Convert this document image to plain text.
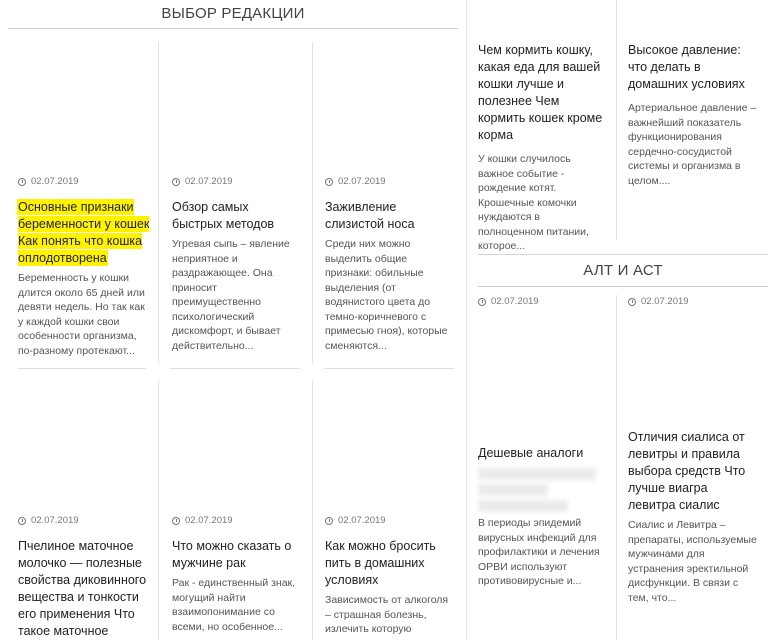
ВЫБОР РЕДАКЦИИ
02.07.2019
Основные признаки беременности у кошек Как понять что кошка оплодотворена
Беременность у кошки длится около 65 дней или девяти недель. Но так как у каждой кошки свои особенности организма, по-разному протекают...
02.07.2019
Обзор самых быстрых методов
Угревая сыпь – явление неприятное и раздражающее. Она приносит преимущественно психологический дискомфорт, и бывает действительно...
02.07.2019
Заживление слизистой носа
Среди них можно выделить общие признаки: обильные выделения (от водянистого цвета до темно-коричневого с примесью гноя), которые сменяются...
02.07.2019
Пчелиное маточное молочко — полезные свойства диковинного вещества и тонкости его применения Что такое маточное
02.07.2019
Что можно сказать о мужчине рак
Рак - единственный знак, могущий найти взаимопонимание со всеми, но особенное...
02.07.2019
Как можно бросить пить в домашних условиях
Зависимость от алкоголя – страшная болезнь, излечить которую
Чем кормить кошку, какая еда для вашей кошки лучше и полезнее Чем кормить кошек кроме корма
У кошки случилось важное событие - рождение котят. Крошечные комочки нуждаются в полноценном питании, которое...
Высокое давление: что делать в домашних условиях
Артериальное давление – важнейший показатель функционирования сердечно-сосудистой системы и организма в целом....
АЛТ И АСТ
02.07.2019
Дешевые аналоги
В периоды эпидемий вирусных инфекций для профилактики и лечения ОРВИ используют противовирусные и...
02.07.2019
Отличия сиалиса от левитры и правила выбора средств Что лучше виагра левитра сиалис
Сиалис и Левитра – препараты, используемые мужчинами для устранения эректильной дисфункции. В связи с тем, что...
